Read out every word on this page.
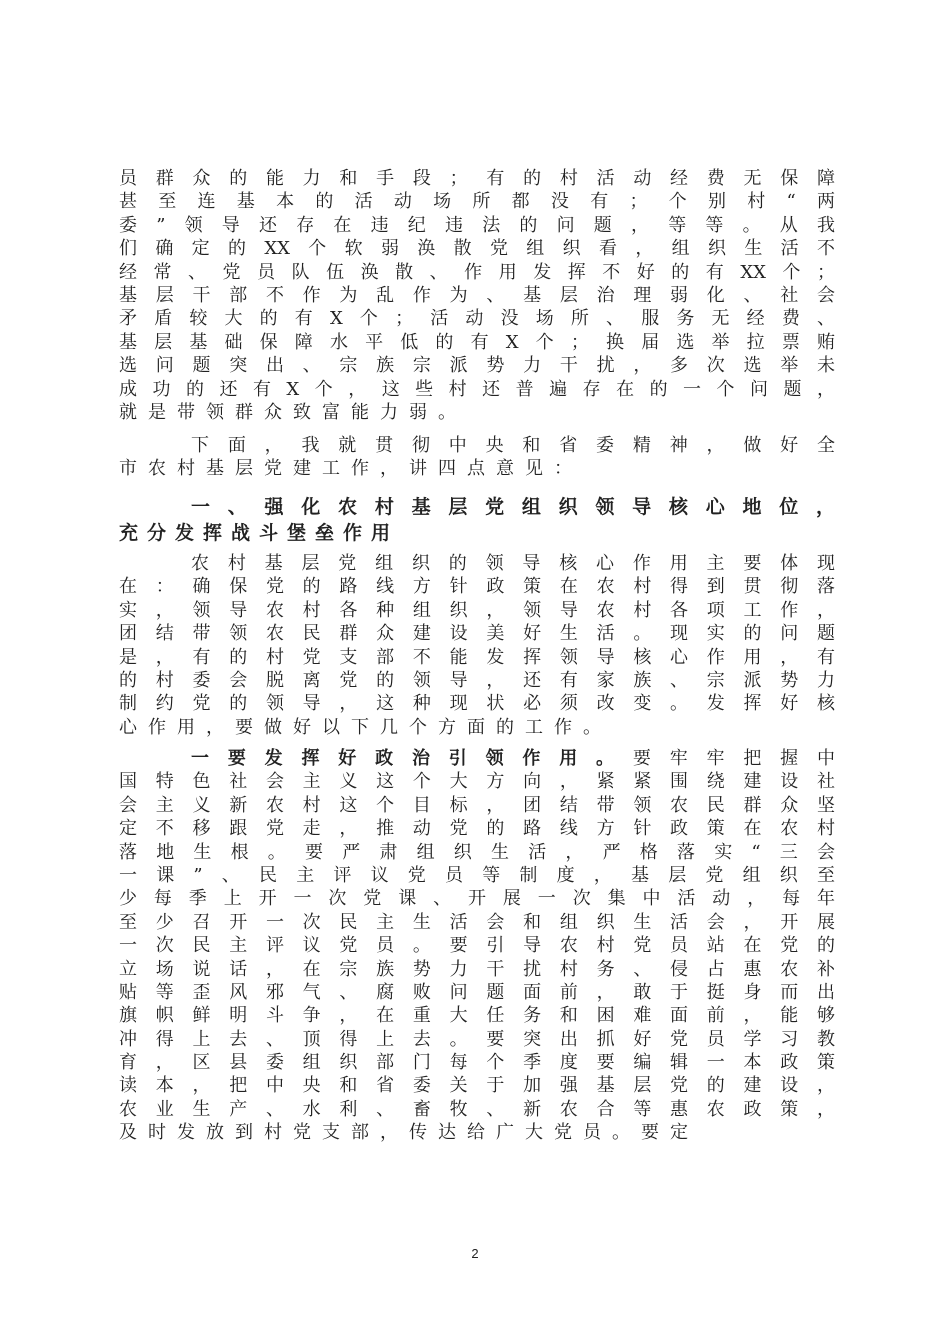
员群众的能力和手段；有的村活动经费无保障
甚至连基本的活动场所都没有；个别村“两
委”领导还存在违纪违法的问题，等等。从我
们确定的XX个软弱涣散党组织看，组织生活不
经常、党员队伍涣散、作用发挥不好的有XX个；
基层干部不作为乱作为、基层治理弱化、社会
矛盾较大的有X个；活动没场所、服务无经费、
基层基础保障水平低的有X个；换届选举拉票贿
选问题突出、宗族宗派势力干扰，多次选举未
成功的还有X个，这些村还普遍存在的一个问题，
就是带领群众致富能力弱。
下面，我就贯彻中央和省委精神，做好全
市农村基层党建工作，讲四点意见：
一、强化农村基层党组织领导核心地位，
充分发挥战斗堡垒作用
农村基层党组织的领导核心作用主要体现
在：确保党的路线方针政策在农村得到贯彻落
实，领导农村各种组织，领导农村各项工作，
团结带领农民群众建设美好生活。现实的问题
是，有的村党支部不能发挥领导核心作用，有
的村委会脱离党的领导，还有家族、宗派势力
制约党的领导，这种现状必须改变。发挥好核
心作用，要做好以下几个方面的工作。
一要发挥好政治引领作用。要牢牢把握中
国特色社会主义这个大方向，紧紧围绕建设社
会主义新农村这个目标，团结带领农民群众坚
定不移跟党走，推动党的路线方针政策在农村
落地生根。要严肃组织生活，严格落实“三会
一课”、民主评议党员等制度，基层党组织至
少每季上开一次党课、开展一次集中活动，每年
至少召开一次民主生活会和组织生活会，开展
一次民主评议党员。要引导农村党员站在党的
立场说话，在宗族势力干扰村务、侵占惠农补
贴等歪风邪气、腐败问题面前，敢于挺身而出
旗帜鲜明斗争，在重大任务和困难面前，能够
冲得上去、顶得上去。要突出抓好党员学习教
育，区县委组织部门每个季度要编辑一本政策
读本，把中央和省委关于加强基层党的建设，
农业生产、水利、畜牧、新农合等惠农政策，
及时发放到村党支部，传达给广大党员。要定
2
